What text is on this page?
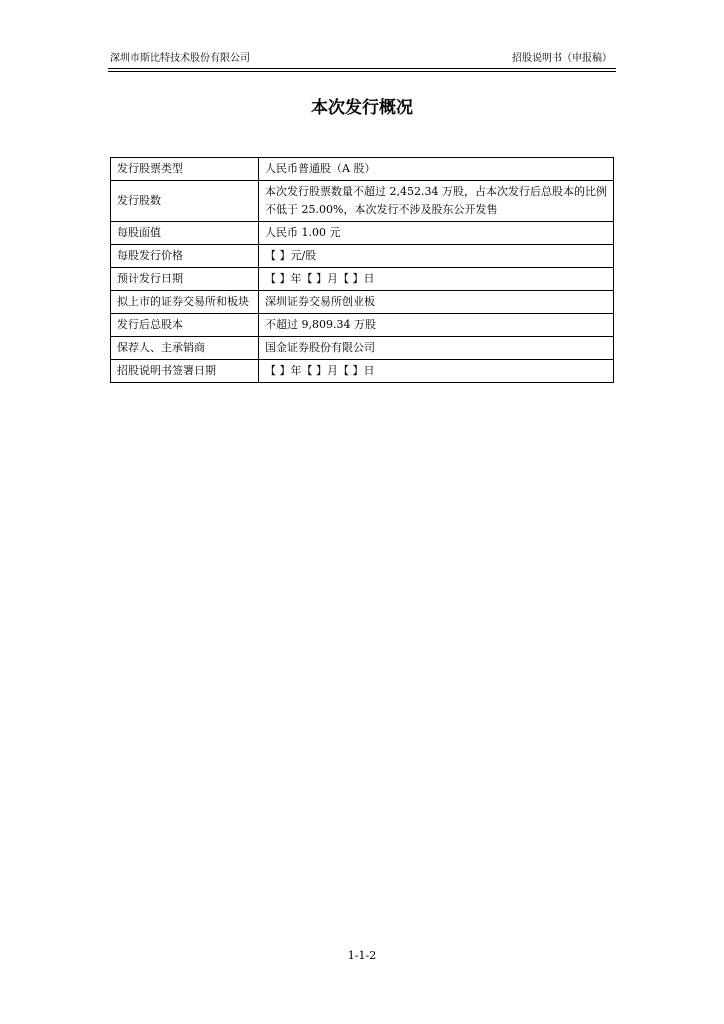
深圳市斯比特技术股份有限公司	招股说明书（申报稿）
本次发行概况
发行股票类型	人民币普通股（A 股）
发行股数	本次发行股票数量不超过 2,452.34 万股，占本次发行后总股本的比例不低于 25.00%，本次发行不涉及股东公开发售
每股面值	人民币 1.00 元
每股发行价格	【 】元/股
预计发行日期	【 】年【 】月【 】日
拟上市的证券交易所和板块	深圳证券交易所创业板
发行后总股本	不超过 9,809.34 万股
保荐人、主承销商	国金证券股份有限公司
招股说明书签署日期	【 】年【 】月【 】日
1-1-2
